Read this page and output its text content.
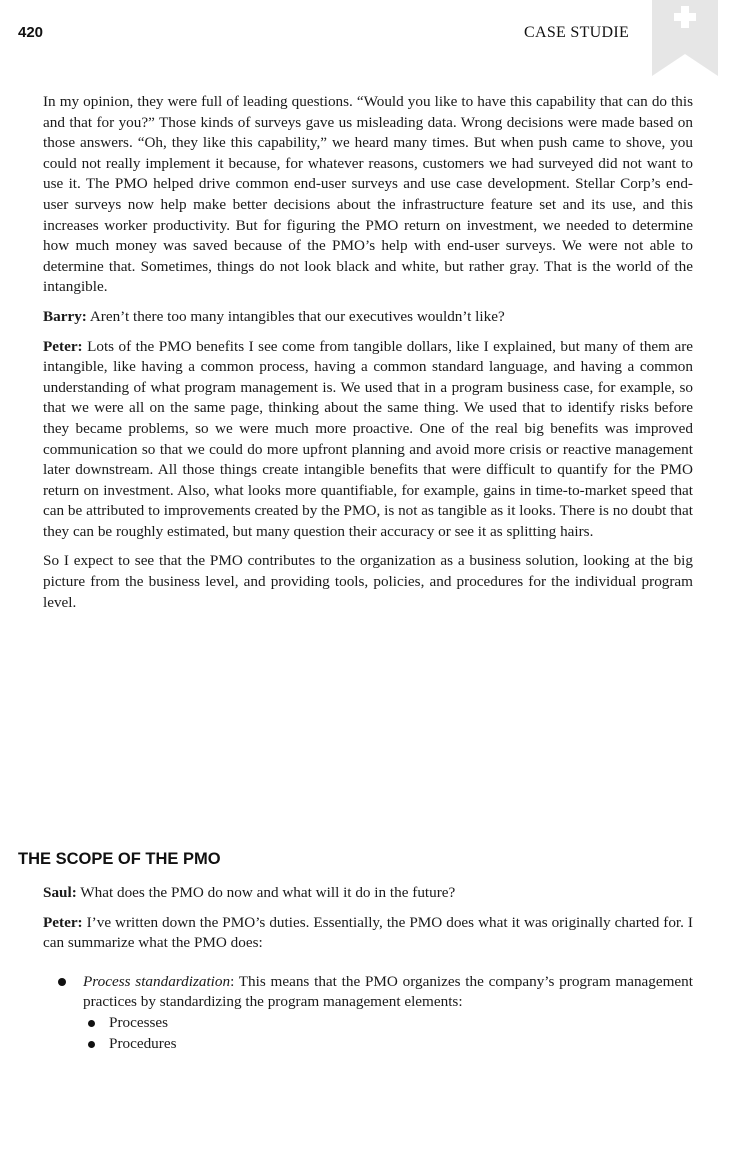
420	CASE STUDIE

In my opinion, they were full of leading questions. “Would you like to have this capability that can do this and that for you?” Those kinds of surveys gave us misleading data. Wrong decisions were made based on those answers. “Oh, they like this capability,” we heard many times. But when push came to shove, you could not really implement it because, for whatever reasons, customers we had surveyed did not want to use it. The PMO helped drive common end-user surveys and use case development. Stellar Corp’s end-user surveys now help make better decisions about the infrastructure feature set and its use, and this increases worker productivity. But for figuring the PMO return on investment, we needed to determine how much money was saved because of the PMO’s help with end-user surveys. We were not able to determine that. Sometimes, things do not look black and white, but rather gray. That is the world of the intangible.

Barry: Aren’t there too many intangibles that our executives wouldn’t like?

Peter: Lots of the PMO benefits I see come from tangible dollars, like I explained, but many of them are intangible, like having a common process, having a common standard language, and having a common understanding of what program management is. We used that in a program business case, for example, so that we were all on the same page, thinking about the same thing. We used that to identify risks before they became problems, so we were much more proactive. One of the real big benefits was improved communication so that we could do more upfront planning and avoid more crisis or reactive management later downstream. All those things create intangible benefits that were difficult to quantify for the PMO return on investment. Also, what looks more quantifiable, for example, gains in time-to-market speed that can be attributed to improvements created by the PMO, is not as tangible as it looks. There is no doubt that they can be roughly estimated, but many question their accuracy or see it as splitting hairs.

So I expect to see that the PMO contributes to the organization as a business solution, looking at the big picture from the business level, and providing tools, policies, and procedures for the individual program level.

THE SCOPE OF THE PMO

Saul: What does the PMO do now and what will it do in the future?

Peter: I’ve written down the PMO’s duties. Essentially, the PMO does what it was originally charted for. I can summarize what the PMO does:

Process standardization: This means that the PMO organizes the company’s program management practices by standardizing the program management elements:
Processes
Procedures
